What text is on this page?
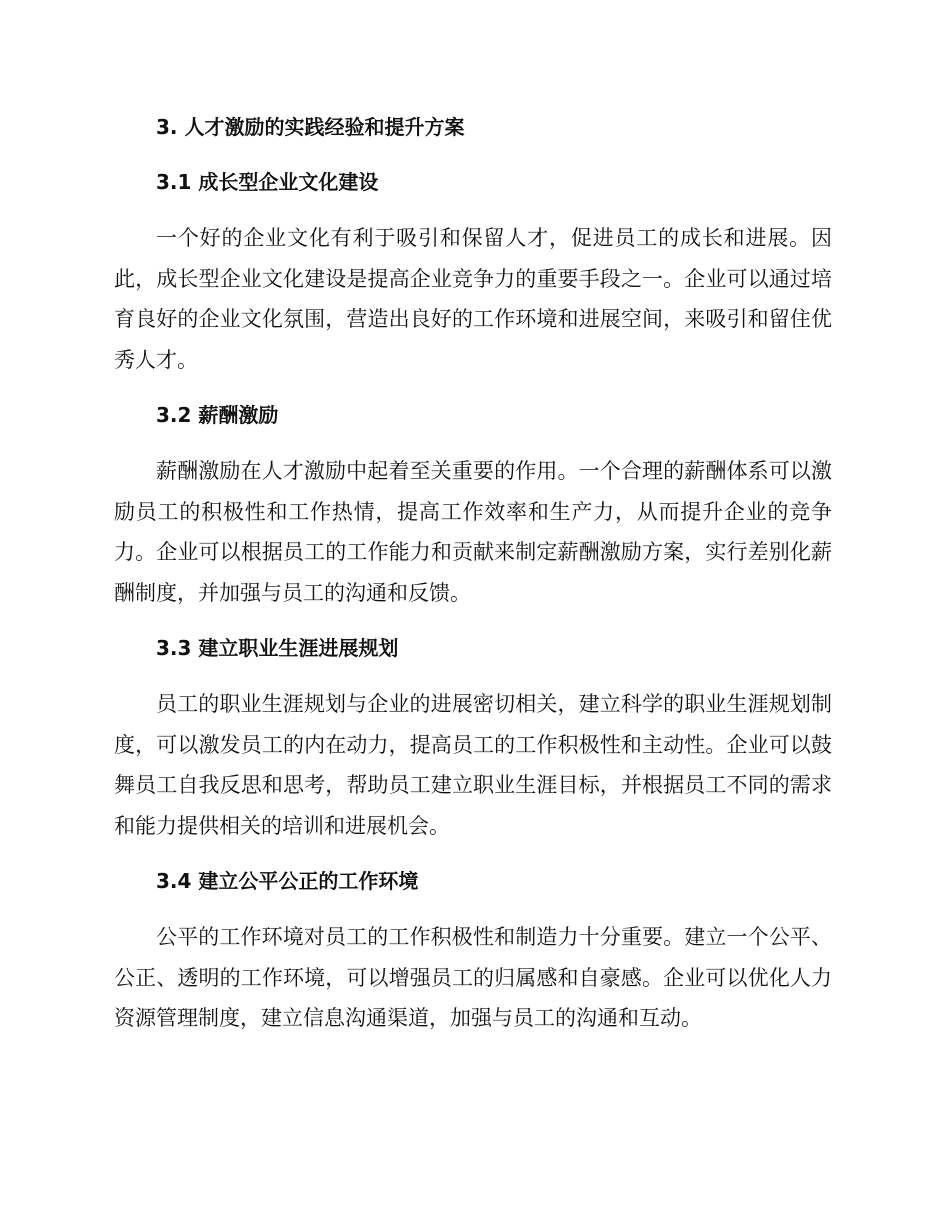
3. 人才激励的实践经验和提升方案
3.1 成长型企业文化建设

一个好的企业文化有利于吸引和保留人才，促进员工的成长和进展。因此，成长型企业文化建设是提高企业竞争力的重要手段之一。企业可以通过培育良好的企业文化氛围，营造出良好的工作环境和进展空间，来吸引和留住优秀人才。

3.2 薪酬激励

薪酬激励在人才激励中起着至关重要的作用。一个合理的薪酬体系可以激励员工的积极性和工作热情，提高工作效率和生产力，从而提升企业的竞争力。企业可以根据员工的工作能力和贡献来制定薪酬激励方案，实行差别化薪酬制度，并加强与员工的沟通和反馈。

3.3 建立职业生涯进展规划

员工的职业生涯规划与企业的进展密切相关，建立科学的职业生涯规划制度，可以激发员工的内在动力，提高员工的工作积极性和主动性。企业可以鼓舞员工自我反思和思考，帮助员工建立职业生涯目标，并根据员工不同的需求和能力提供相关的培训和进展机会。

3.4 建立公平公正的工作环境

公平的工作环境对员工的工作积极性和制造力十分重要。建立一个公平、公正、透明的工作环境，可以增强员工的归属感和自豪感。企业可以优化人力资源管理制度，建立信息沟通渠道，加强与员工的沟通和互动。
